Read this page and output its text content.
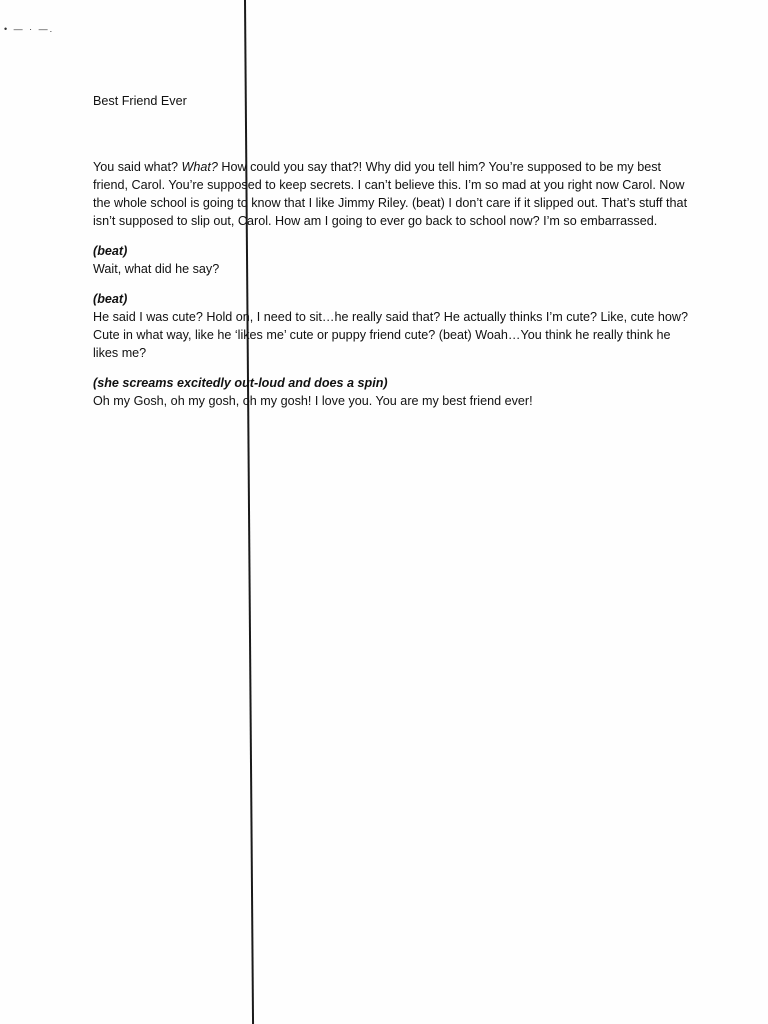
• — · —.
Best Friend Ever

You said what? What? How could you say that?! Why did you tell him? You’re supposed to be my best friend, Carol. You’re supposed to keep secrets. I can’t believe this. I’m so mad at you right now Carol. Now the whole school is going to know that I like Jimmy Riley. (beat) I don’t care if it slipped out. That’s stuff that isn’t supposed to slip out, Carol. How am I going to ever go back to school now? I’m so embarrassed.

(beat)

Wait, what did he say?

(beat)

He said I was cute? Hold on, I need to sit…he really said that? He actually thinks I’m cute? Like, cute how? Cute in what way, like he ‘likes me’ cute or puppy friend cute? (beat) Woah…You think he really think he likes me?

(she screams excitedly out-loud and does a spin)

Oh my Gosh, oh my gosh, oh my gosh! I love you. You are my best friend ever!
